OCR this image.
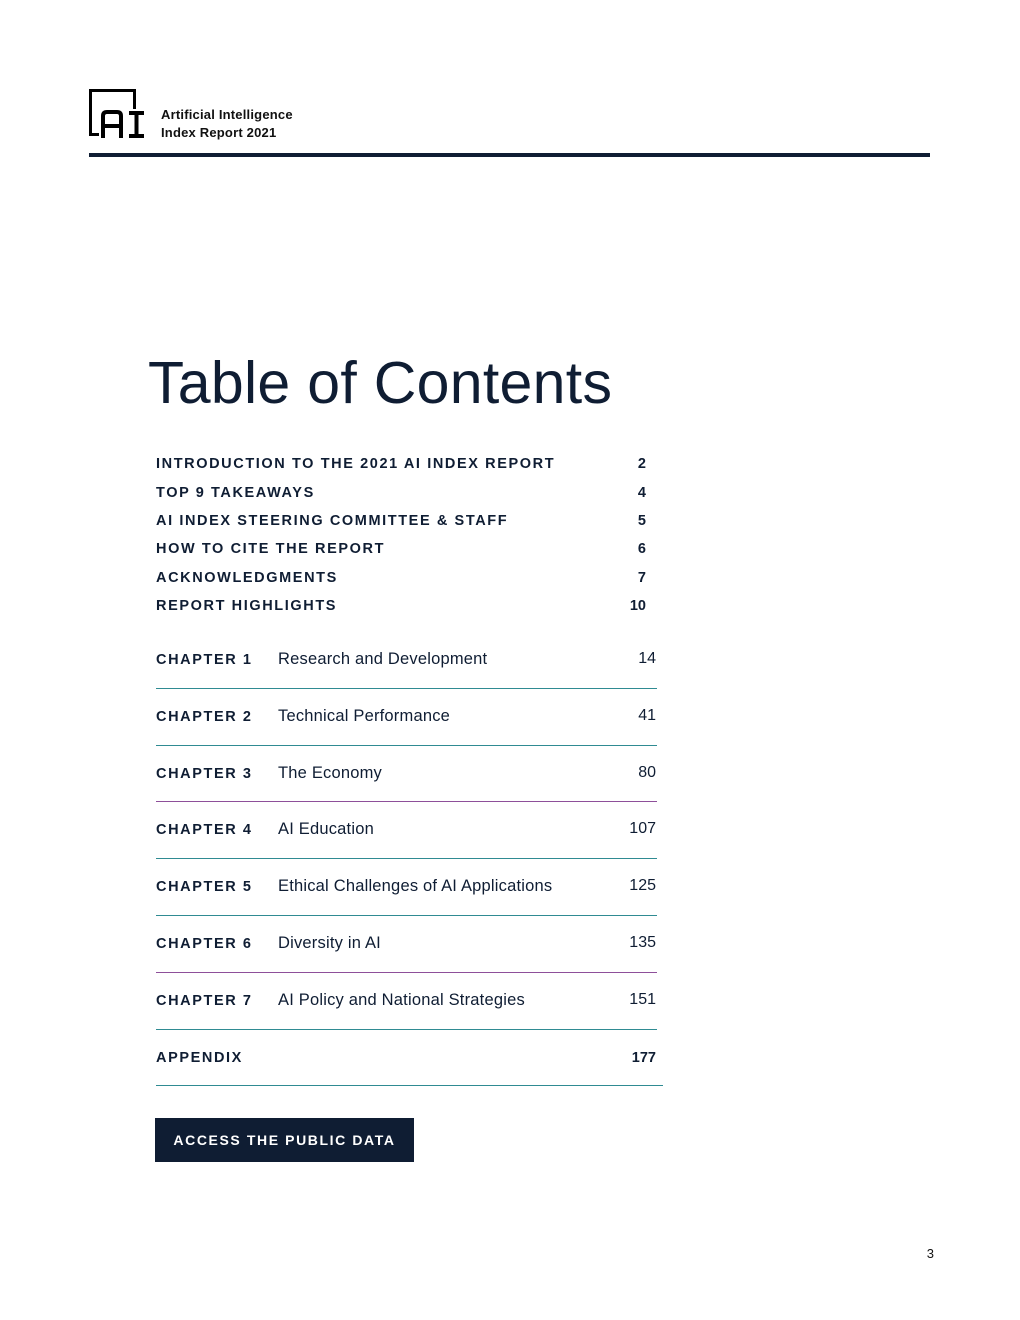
Artificial Intelligence
Index Report 2021
Table of Contents
INTRODUCTION TO THE 2021 AI INDEX REPORT	2
TOP 9 TAKEAWAYS	4
AI INDEX STEERING COMMITTEE & STAFF	5
HOW TO CITE THE REPORT	6
ACKNOWLEDGMENTS	7
REPORT HIGHLIGHTS	10
CHAPTER 1 Research and Development	14
CHAPTER 2 Technical Performance	41
CHAPTER 3 The Economy	80
CHAPTER 4 AI Education	107
CHAPTER 5 Ethical Challenges of AI Applications	125
CHAPTER 6 Diversity in AI	135
CHAPTER 7 AI Policy and National Strategies	151
APPENDIX	177
ACCESS THE PUBLIC DATA
3
